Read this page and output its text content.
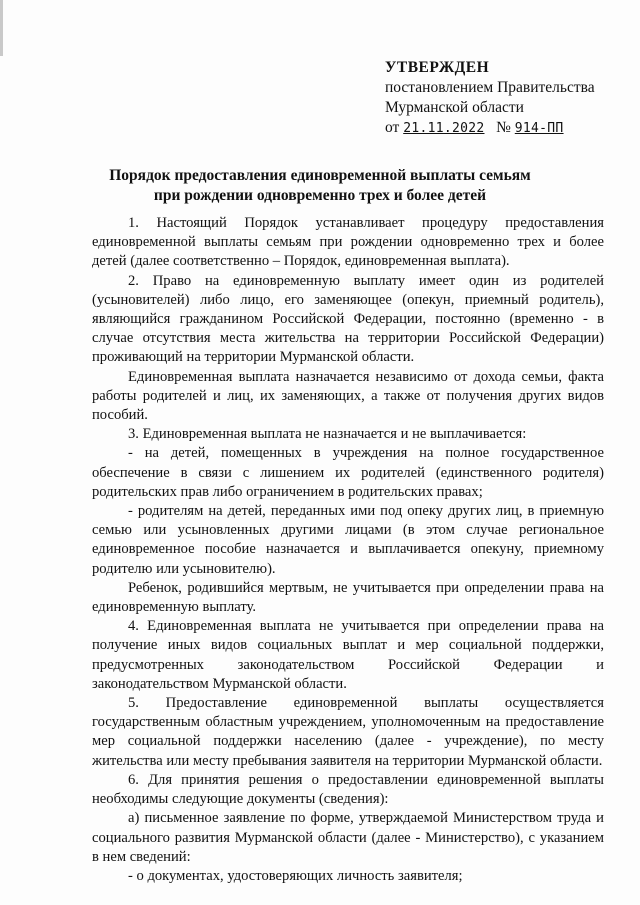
УТВЕРЖДЕН
постановлением Правительства
Мурманской области
от 21.11.2022 № 914-ПП
Порядок предоставления единовременной выплаты семьям
при рождении одновременно трех и более детей

1. Настоящий Порядок устанавливает процедуру предоставления единовременной выплаты семьям при рождении одновременно трех и более детей (далее соответственно – Порядок, единовременная выплата).

2. Право на единовременную выплату имеет один из родителей (усыновителей) либо лицо, его заменяющее (опекун, приемный родитель), являющийся гражданином Российской Федерации, постоянно (временно - в случае отсутствия места жительства на территории Российской Федерации) проживающий на территории Мурманской области.

Единовременная выплата назначается независимо от дохода семьи, факта работы родителей и лиц, их заменяющих, а также от получения других видов пособий.

3. Единовременная выплата не назначается и не выплачивается:

- на детей, помещенных в учреждения на полное государственное обеспечение в связи с лишением их родителей (единственного родителя) родительских прав либо ограничением в родительских правах;

- родителям на детей, переданных ими под опеку других лиц, в приемную семью или усыновленных другими лицами (в этом случае региональное единовременное пособие назначается и выплачивается опекуну, приемному родителю или усыновителю).

Ребенок, родившийся мертвым, не учитывается при определении права на единовременную выплату.

4. Единовременная выплата не учитывается при определении права на получение иных видов социальных выплат и мер социальной поддержки, предусмотренных законодательством Российской Федерации и законодательством Мурманской области.

5. Предоставление единовременной выплаты осуществляется государственным областным учреждением, уполномоченным на предоставление мер социальной поддержки населению (далее - учреждение), по месту жительства или месту пребывания заявителя на территории Мурманской области.

6. Для принятия решения о предоставлении единовременной выплаты необходимы следующие документы (сведения):

а) письменное заявление по форме, утверждаемой Министерством труда и социального развития Мурманской области (далее - Министерство), с указанием в нем сведений:

- о документах, удостоверяющих личность заявителя;
